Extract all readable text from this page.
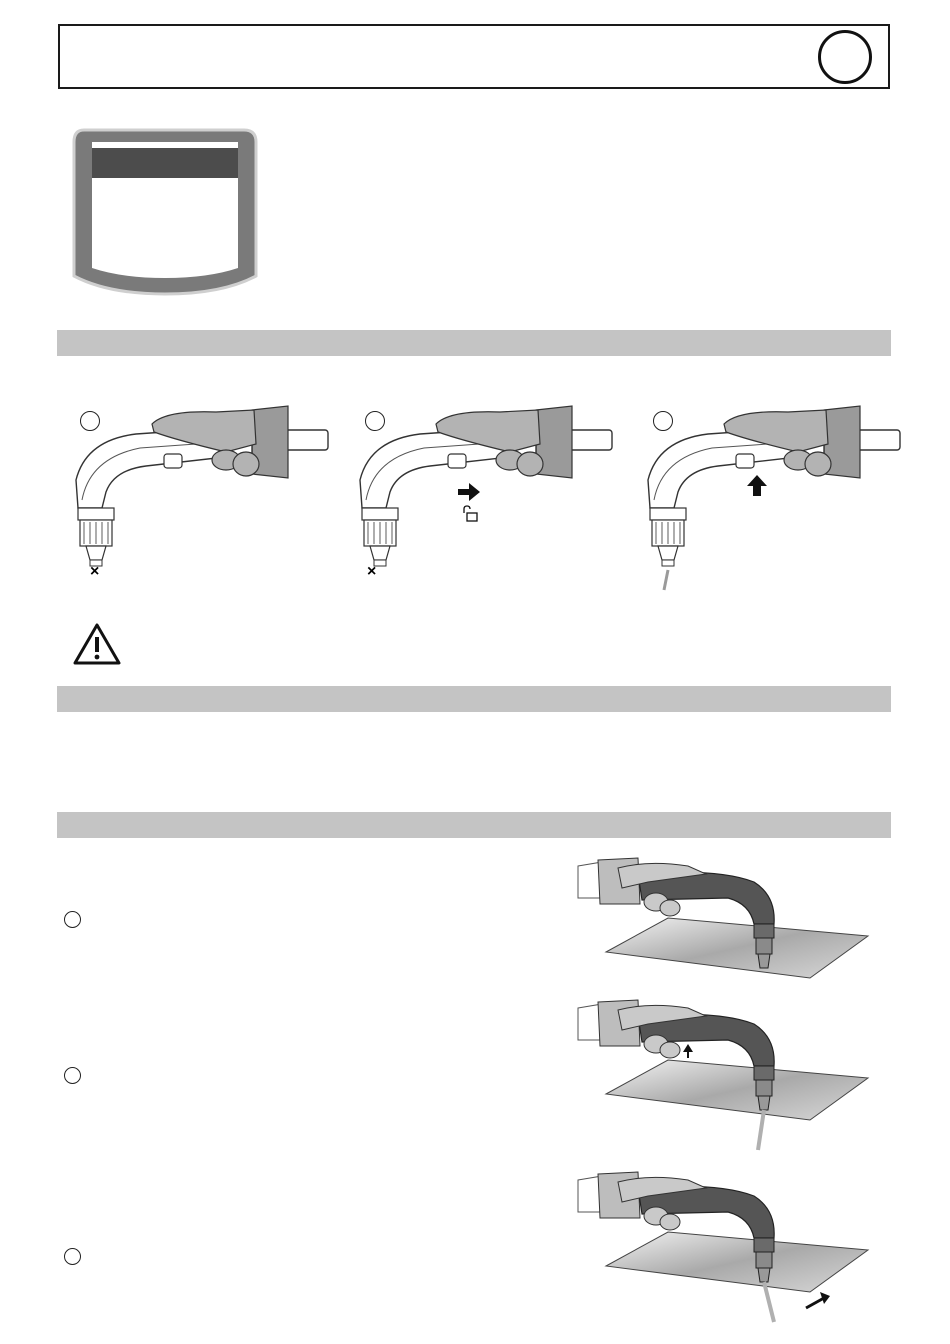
×	×
